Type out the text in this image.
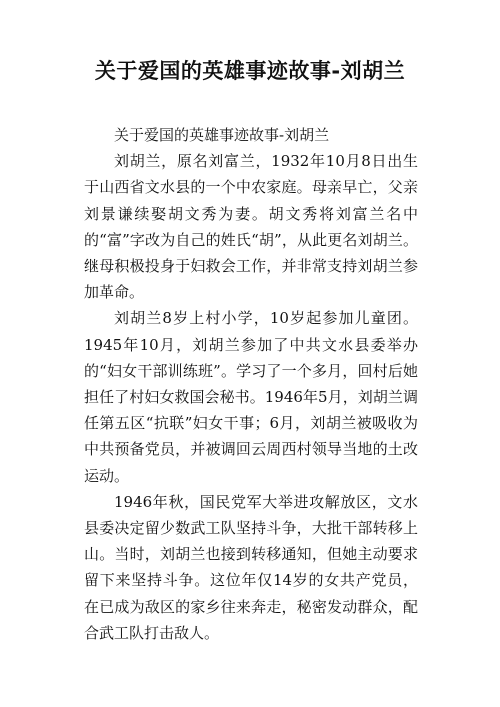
关于爱国的英雄事迹故事-刘胡兰

关于爱国的英雄事迹故事-刘胡兰

刘胡兰，原名刘富兰，1932年10月8日出生于山西省文水县的一个中农家庭。母亲早亡，父亲刘景谦续娶胡文秀为妻。胡文秀将刘富兰名中的“富”字改为自己的姓氏“胡”，从此更名刘胡兰。继母积极投身于妇救会工作，并非常支持刘胡兰参加革命。

刘胡兰8岁上村小学，10岁起参加儿童团。1945年10月，刘胡兰参加了中共文水县委举办的“妇女干部训练班”。学习了一个多月，回村后她担任了村妇女救国会秘书。1946年5月，刘胡兰调任第五区“抗联”妇女干事；6月，刘胡兰被吸收为中共预备党员，并被调回云周西村领导当地的土改运动。

1946年秋，国民党军大举进攻解放区，文水县委决定留少数武工队坚持斗争，大批干部转移上山。当时，刘胡兰也接到转移通知，但她主动要求留下来坚持斗争。这位年仅14岁的女共产党员，在已成为敌区的家乡往来奔走，秘密发动群众，配合武工队打击敌人。
